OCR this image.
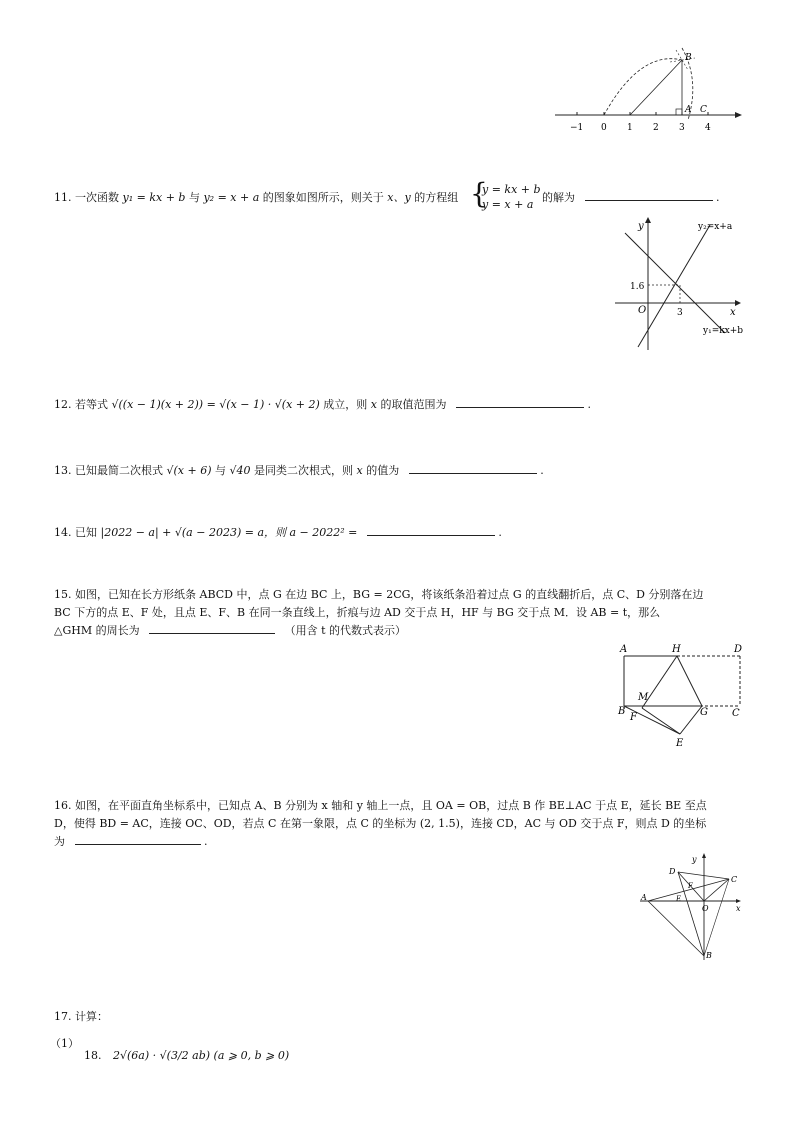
−1 0 1 2 3 4
A
B
C
11. 一次函数 y₁ = kx + b 与 y₂ = x + a 的图象如图所示，则关于 x、y 的方程组 {
y = kx + b
y = x + a
的解为	.
y
x
O
1.6
3
y₂=x+a
y₁=kx+b
12. 若等式 √((x − 1)(x + 2)) = √(x − 1) · √(x + 2) 成立，则 x 的取值范围为	.
13. 已知最简二次根式 √(x + 6) 与 √40 是同类二次根式，则 x 的值为	.
14. 已知 |2022 − a| + √(a − 2023) = a，则 a − 2022² =	.
15. 如图，已知在长方形纸条 ABCD 中，点 G 在边 BC 上，BG = 2CG，将该纸条沿着过点 G 的直线翻折后，点 C、D 分别落在边
BC 下方的点 E、F 处，且点 E、F、B 在同一条直线上，折痕与边 AD 交于点 H，HF 与 BG 交于点 M．设 AB = t，那么
△GHM 的周长为	（用含 t 的代数式表示）
A	H	D
M
B
F	G C
E
16. 如图，在平面直角坐标系中，已知点 A、B 分别为 x 轴和 y 轴上一点，且 OA = OB，过点 B 作 BE⊥AC 于点 E，延长 BE 至点
D，使得 BD = AC，连接 OC、OD，若点 C 在第一象限，点 C 的坐标为 (2, 1.5)，连接 CD，AC 与 OD 交于点 F，则点 D 的坐标
为	.
y
D
C
F
E
A
O	x
B
17. 计算：
（1）
18. 2√(6a) · √(3/2 ab) (a ⩾ 0, b ⩾ 0)
